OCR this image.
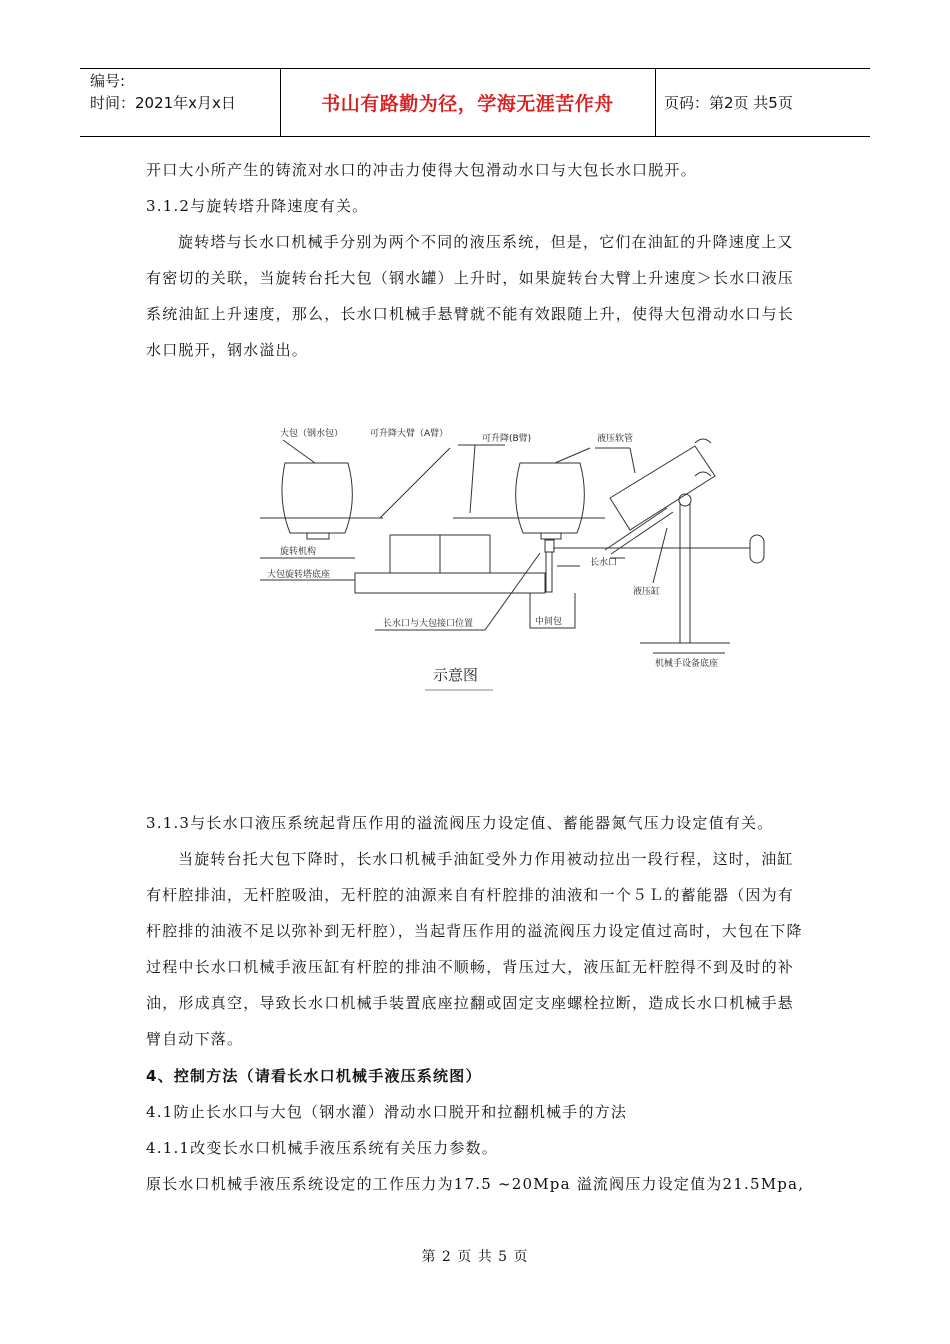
编号:
时间：2021年x月x日	书山有路勤为径，学海无涯苦作舟	页码：第2页 共5页

开口大小所产生的铸流对水口的冲击力使得大包滑动水口与大包长水口脱开。

3.1.2与旋转塔升降速度有关。

旋转塔与长水口机械手分别为两个不同的液压系统，但是，它们在油缸的升降速度上又有密切的关联，当旋转台托大包（钢水罐）上升时，如果旋转台大臂上升速度＞长水口液压系统油缸上升速度，那么，长水口机械手悬臂就不能有效跟随上升，使得大包滑动水口与长水口脱开，钢水溢出。

大包（钢水包）	可升降大臂（A臂）	可升降(B臂)	液压软管
旋转机构
大包旋转塔底座
长水口
液压缸
长水口与大包接口位置	中间包
机械手设备底座
示意图

3.1.3与长水口液压系统起背压作用的溢流阀压力设定值、蓄能器氮气压力设定值有关。

当旋转台托大包下降时，长水口机械手油缸受外力作用被动拉出一段行程，这时，油缸有杆腔排油，无杆腔吸油，无杆腔的油源来自有杆腔排的油液和一个５Ｌ的蓄能器（因为有杆腔排的油液不足以弥补到无杆腔），当起背压作用的溢流阀压力设定值过高时，大包在下降过程中长水口机械手液压缸有杆腔的排油不顺畅，背压过大，液压缸无杆腔得不到及时的补油，形成真空，导致长水口机械手装置底座拉翻或固定支座螺栓拉断，造成长水口机械手悬臂自动下落。

4、控制方法（请看长水口机械手液压系统图）

4.1防止长水口与大包（钢水灌）滑动水口脱开和拉翻机械手的方法

4.1.1改变长水口机械手液压系统有关压力参数。

原长水口机械手液压系统设定的工作压力为17.5 ~20Mpa 溢流阀压力设定值为21.5Mpa,

第 2 页 共 5 页
